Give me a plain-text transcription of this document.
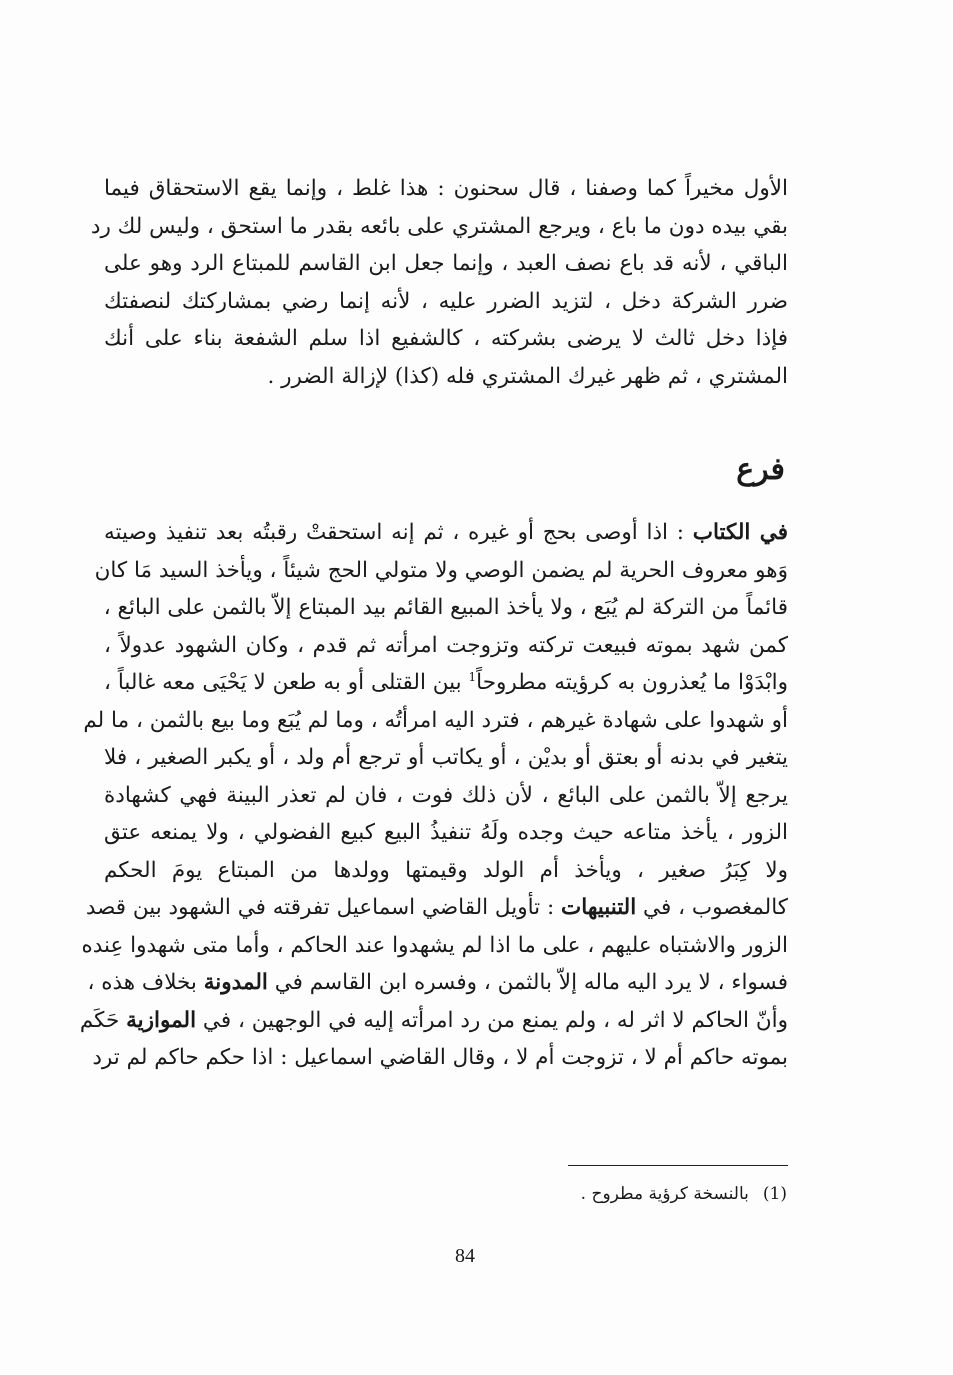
الأول مخيراً كما وصفنا ، قال سحنون : هذا غلط ، وإنما يقع الاستحقاق فيما
بقي بيده دون ما باع ، ويرجع المشتري على بائعه بقدر ما استحق ، وليس لك رد
الباقي ، لأنه قد باع نصف العبد ، وإنما جعل ابن القاسم للمبتاع الرد وهو على
ضرر الشركة دخل ، لتزيد الضرر عليه ، لأنه إنما رضي بمشاركتك لنصفتك
فإذا دخل ثالث لا يرضى بشركته ، كالشفيع اذا سلم الشفعة بناء على أنك
المشتري ، ثم ظهر غيرك المشتري فله (كذا) لإزالة الضرر .
فرع
في الكتاب : اذا أوصى بحج أو غيره ، ثم إنه استحقتْ رقبتُه بعد تنفيذ وصيته
وَهو معروف الحرية لم يضمن الوصي ولا متولي الحج شيئاً ، ويأخذ السيد مَا كان
قائماً من التركة لم يُبَع ، ولا يأخذ المبيع القائم بيد المبتاع إلاّ بالثمن على البائع ،
كمن شهد بموته فبيعت تركته وتزوجت امرأته ثم قدم ، وكان الشهود عدولاً ،
وابْدَوْا ما يُعذرون به كرؤيته مطروحاً$^1$ بين القتلى أو به طعن لا يَحْيَى معه غالباً ،
أو شهدوا على شهادة غيرهم ، فترد اليه امرأتُه ، وما لم يُبَع وما بيع بالثمن ، ما لم
يتغير في بدنه أو بعتق أو بديْن ، أو يكاتب أو ترجع أم ولد ، أو يكبر الصغير ، فلا
يرجع إلاّ بالثمن على البائع ، لأن ذلك فوت ، فان لم تعذر البينة فهي كشهادة
الزور ، يأخذ متاعه حيث وجده ولَهُ تنفيذُ البيع كبيع الفضولي ، ولا يمنعه عتق
ولا كِبَرُ صغير ، ويأخذ أم الولد وقيمتها وولدها من المبتاع يومَ الحكم
كالمغصوب ، في التنبيهات : تأويل القاضي اسماعيل تفرقته في الشهود بين قصد
الزور والاشتباه عليهم ، على ما اذا لم يشهدوا عند الحاكم ، وأما متى شهدوا عِنده
فسواء ، لا يرد اليه ماله إلاّ بالثمن ، وفسره ابن القاسم في المدونة بخلاف هذه ،
وأنّ الحاكم لا اثر له ، ولم يمنع من رد امرأته إليه في الوجهين ، في الموازية حَكَم
بموته حاكم أم لا ، تزوجت أم لا ، وقال القاضي اسماعيل : اذا حكم حاكم لم ترد
(1)بالنسخة كرؤية مطروح .
84
